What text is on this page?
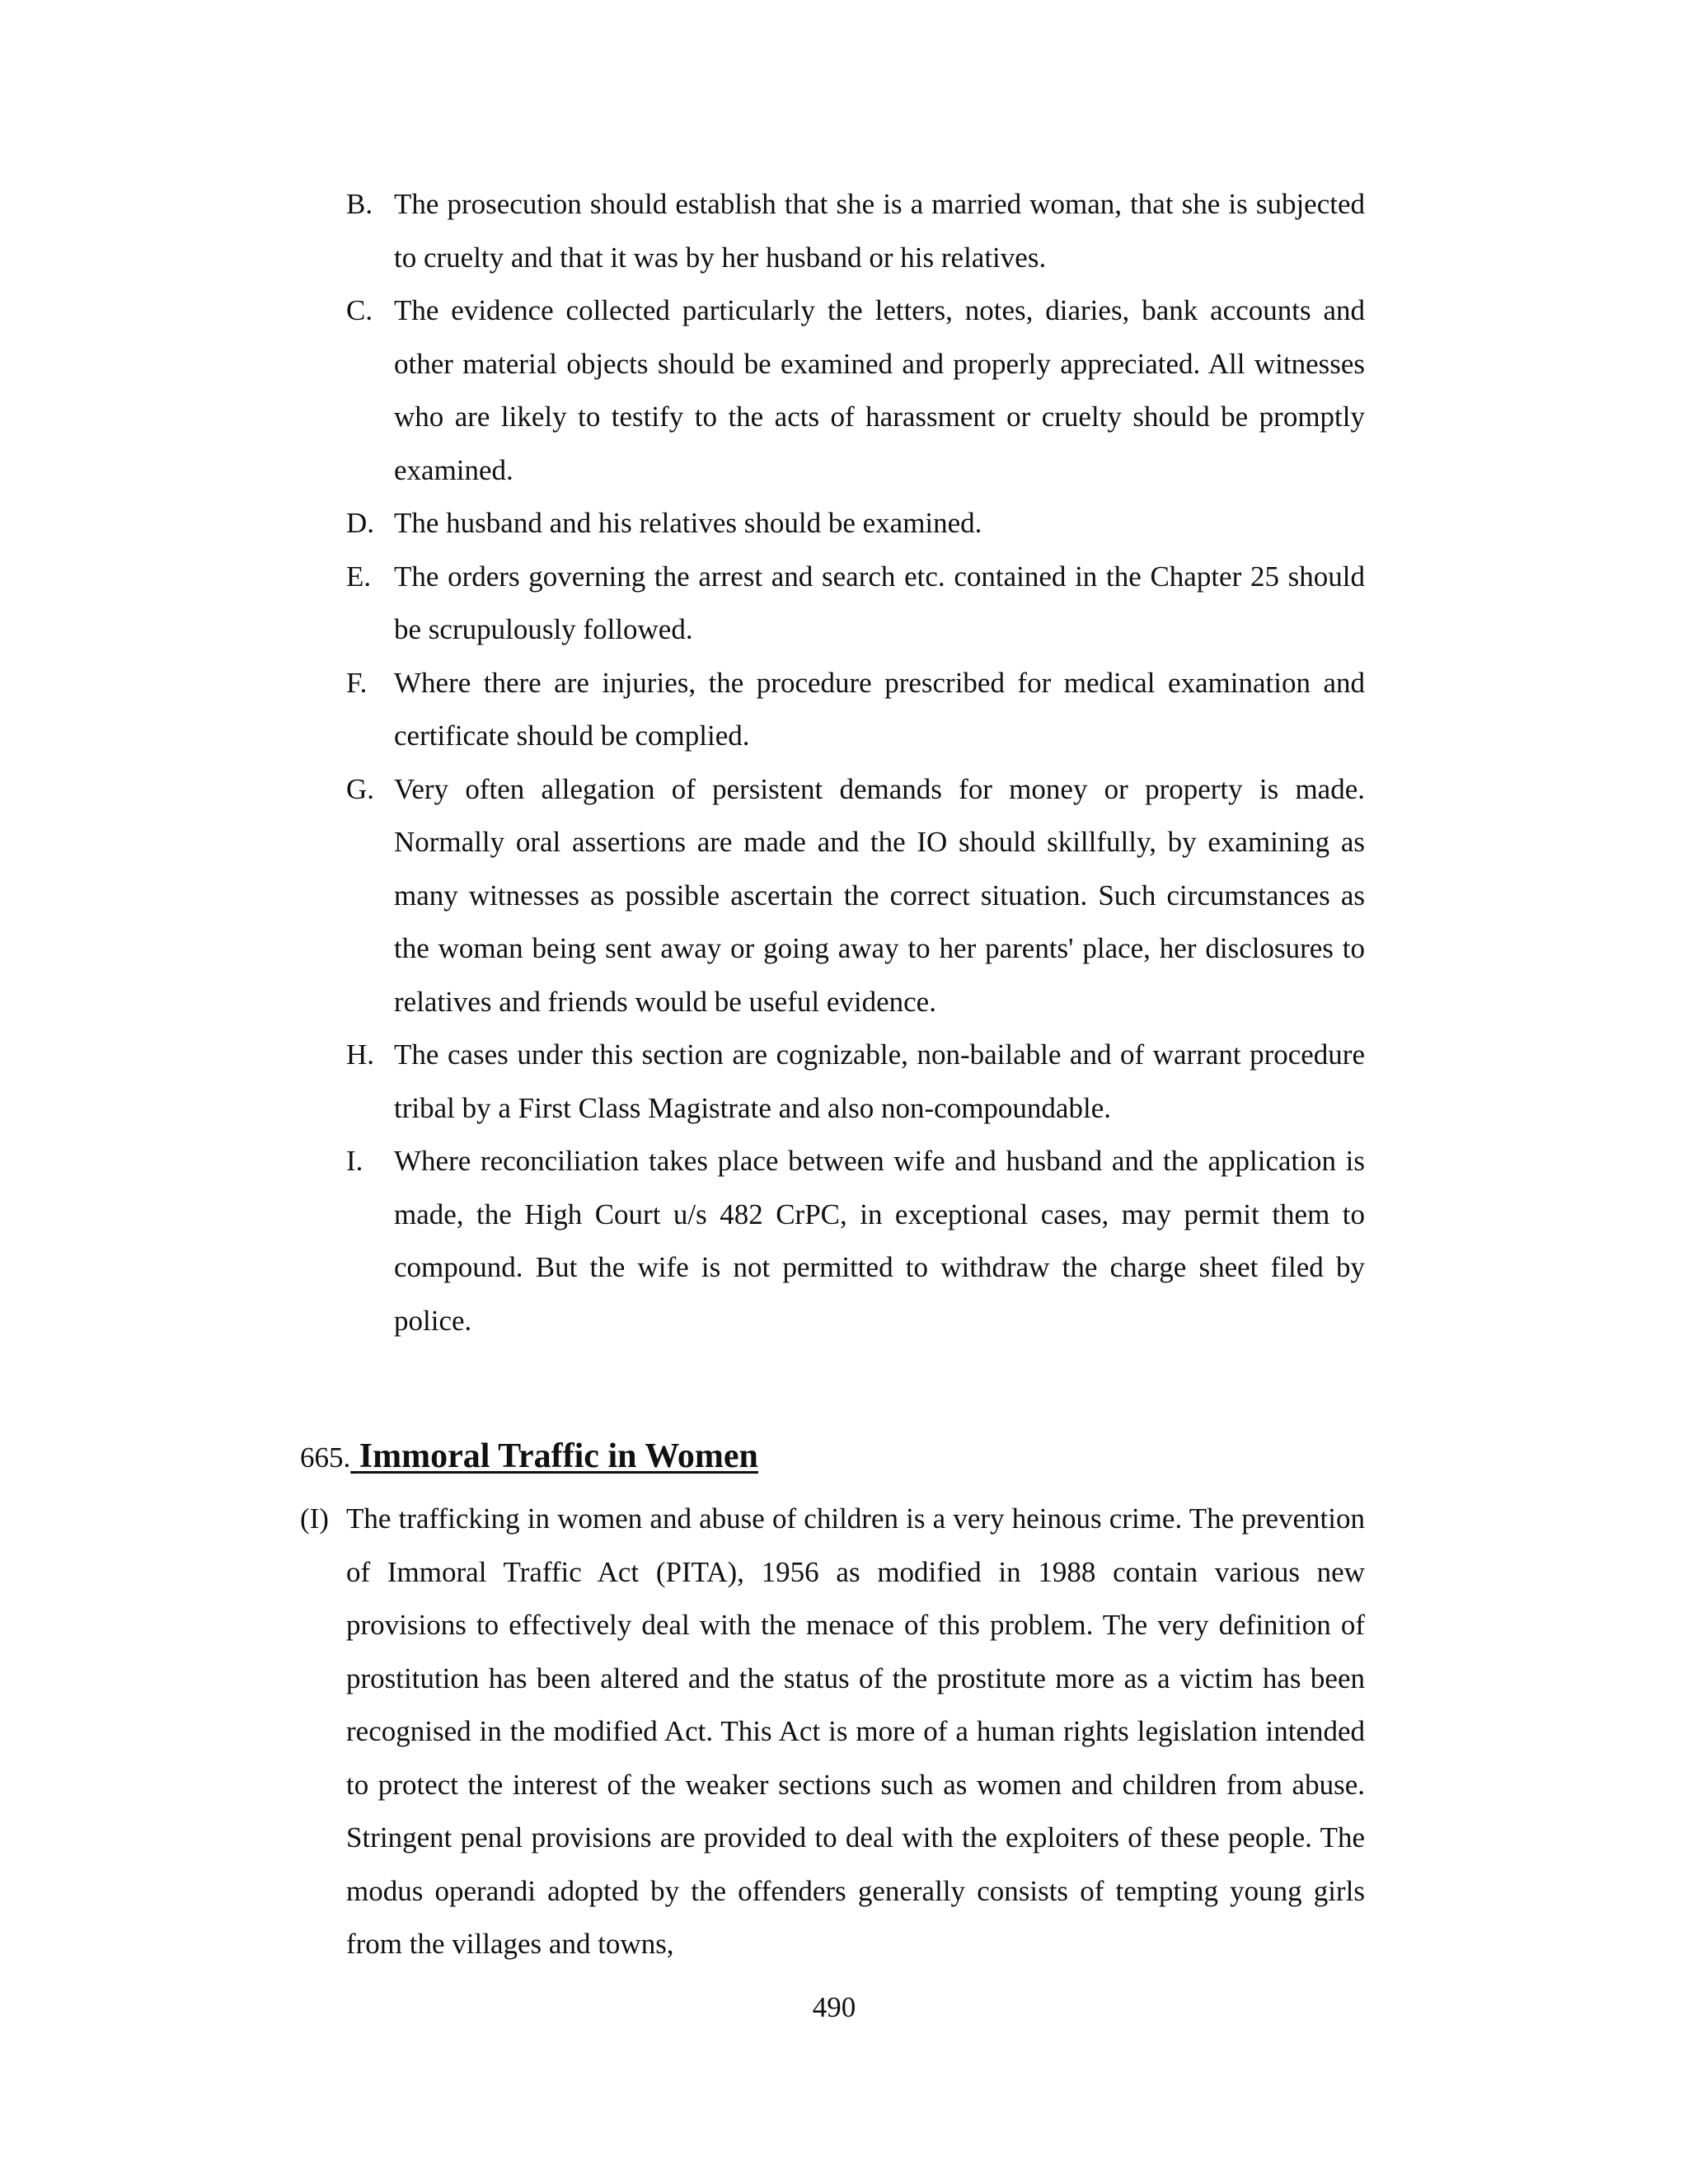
B. The prosecution should establish that she is a married woman, that she is subjected to cruelty and that it was by her husband or his relatives.
C. The evidence collected particularly the letters, notes, diaries, bank accounts and other material objects should be examined and properly appreciated. All witnesses who are likely to testify to the acts of harassment or cruelty should be promptly examined.
D. The husband and his relatives should be examined.
E. The orders governing the arrest and search etc. contained in the Chapter 25 should be scrupulously followed.
F. Where there are injuries, the procedure prescribed for medical examination and certificate should be complied.
G. Very often allegation of persistent demands for money or property is made. Normally oral assertions are made and the IO should skillfully, by examining as many witnesses as possible ascertain the correct situation. Such circumstances as the woman being sent away or going away to her parents' place, her disclosures to relatives and friends would be useful evidence.
H. The cases under this section are cognizable, non-bailable and of warrant procedure tribal by a First Class Magistrate and also non-compoundable.
I.	Where reconciliation takes place between wife and husband and the application is made, the High Court u/s 482 CrPC, in exceptional cases, may permit them to compound. But the wife is not permitted to withdraw the charge sheet filed by police.
665. Immoral Traffic in Women
(I) The trafficking in women and abuse of children is a very heinous crime. The prevention of Immoral Traffic Act (PITA), 1956 as modified in 1988 contain various new provisions to effectively deal with the menace of this problem. The very definition of prostitution has been altered and the status of the prostitute more as a victim has been recognised in the modified Act. This Act is more of a human rights legislation intended to protect the interest of the weaker sections such as women and children from abuse. Stringent penal provisions are provided to deal with the exploiters of these people. The modus operandi adopted by the offenders generally consists of tempting young girls from the villages and towns,
490
